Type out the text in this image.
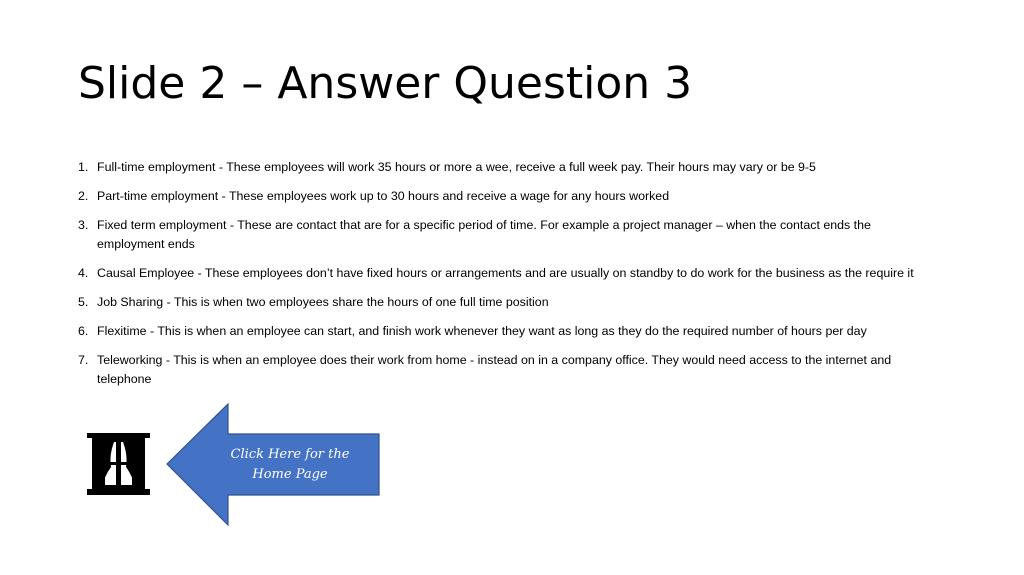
Slide 2 – Answer Question 3
1. Full-time employment - These employees will work 35 hours or more a wee, receive a full week pay. Their hours may vary or be 9-5
2. Part-time employment - These employees work up to 30 hours and receive a wage for any hours worked
3. Fixed term employment - These are contact that are for a specific period of time. For example a project manager – when the contact ends the employment ends
4. Causal Employee - These employees don’t have fixed hours or arrangements and are usually on standby to do work for the business as the require it
5. Job Sharing - This is when two employees share the hours of one full time position
6. Flexitime - This is when an employee can start, and finish work whenever they want as long as they do the required number of hours per day
7. Teleworking - This is when an employee does their work from home - instead on in a company office. They would need access to the internet and telephone
Click Here for the Home Page
